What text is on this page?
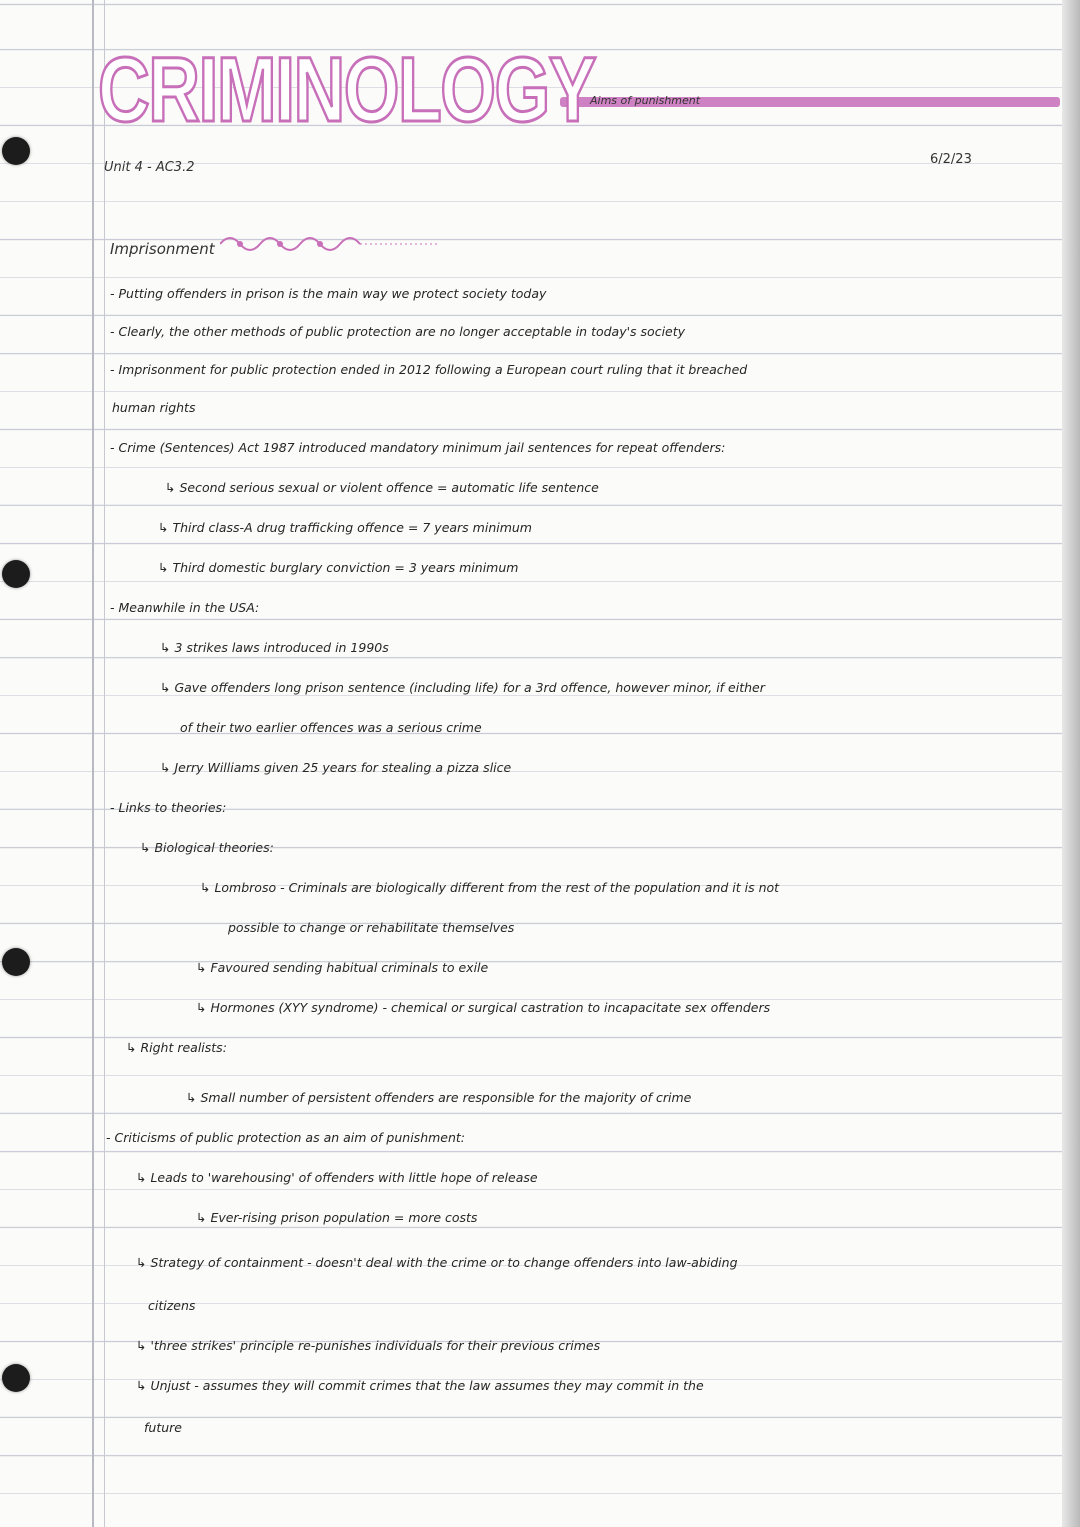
CRIMINOLOGY
Aims of punishment
Unit 4 - AC3.2
6/2/23
Imprisonment
- Putting offenders in prison is the main way we protect society today
- Clearly, the other methods of public protection are no longer acceptable in today's society
- Imprisonment for public protection ended in 2012 following a European court ruling that it breached
human rights
- Crime (Sentences) Act 1987 introduced mandatory minimum jail sentences for repeat offenders:
↳ Second serious sexual or violent offence = automatic life sentence
↳ Third class-A drug trafficking offence = 7 years minimum
↳ Third domestic burglary conviction = 3 years minimum
- Meanwhile in the USA:
↳ 3 strikes laws introduced in 1990s
↳ Gave offenders long prison sentence (including life) for a 3rd offence, however minor, if either
of their two earlier offences was a serious crime
↳ Jerry Williams given 25 years for stealing a pizza slice
- Links to theories:
↳ Biological theories:
↳ Lombroso - Criminals are biologically different from the rest of the population and it is not
possible to change or rehabilitate themselves
↳ Favoured sending habitual criminals to exile
↳ Hormones (XYY syndrome) - chemical or surgical castration to incapacitate sex offenders
↳ Right realists:
↳ Small number of persistent offenders are responsible for the majority of crime
- Criticisms of public protection as an aim of punishment:
↳ Leads to 'warehousing' of offenders with little hope of release
↳ Ever-rising prison population = more costs
↳ Strategy of containment - doesn't deal with the crime or to change offenders into law-abiding
citizens
↳ 'three strikes' principle re-punishes individuals for their previous crimes
↳ Unjust - assumes they will commit crimes that the law assumes they may commit in the
future
